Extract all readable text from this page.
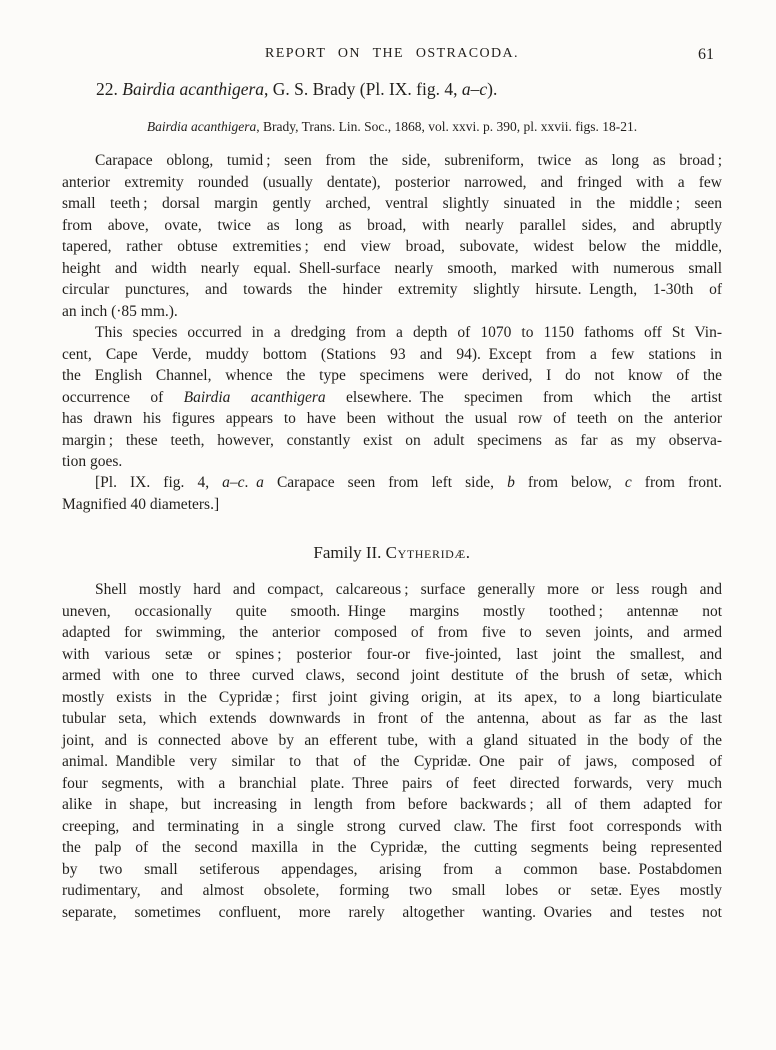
REPORT ON THE OSTRACODA.	61
22. Bairdia acanthigera, G. S. Brady (Pl. IX. fig. 4, a–c).
Bairdia acanthigera, Brady, Trans. Lin. Soc., 1868, vol. xxvi. p. 390, pl. xxvii. figs. 18-21.
Carapace oblong, tumid ; seen from the side, subreniform, twice as long as broad ;
anterior extremity rounded (usually dentate), posterior narrowed, and fringed with a few
small teeth ; dorsal margin gently arched, ventral slightly sinuated in the middle ; seen
from above, ovate, twice as long as broad, with nearly parallel sides, and abruptly
tapered, rather obtuse extremities ; end view broad, subovate, widest below the middle,
height and width nearly equal. Shell-surface nearly smooth, marked with numerous small
circular punctures, and towards the hinder extremity slightly hirsute. Length, 1-30th of
an inch (·85 mm.).
This species occurred in a dredging from a depth of 1070 to 1150 fathoms off St Vin-
cent, Cape Verde, muddy bottom (Stations 93 and 94). Except from a few stations in
the English Channel, whence the type specimens were derived, I do not know of the
occurrence of Bairdia acanthigera elsewhere. The specimen from which the artist
has drawn his figures appears to have been without the usual row of teeth on the anterior
margin ; these teeth, however, constantly exist on adult specimens as far as my observa-
tion goes.
[Pl. IX. fig. 4, a–c. a Carapace seen from left side, b from below, c from front.
Magnified 40 diameters.]
Family II. Cytheridæ.
Shell mostly hard and compact, calcareous ; surface generally more or less rough and
uneven, occasionally quite smooth. Hinge margins mostly toothed ; antennæ not
adapted for swimming, the anterior composed of from five to seven joints, and armed
with various setæ or spines ; posterior four-or five-jointed, last joint the smallest, and
armed with one to three curved claws, second joint destitute of the brush of setæ, which
mostly exists in the Cypridæ ; first joint giving origin, at its apex, to a long biarticulate
tubular seta, which extends downwards in front of the antenna, about as far as the last
joint, and is connected above by an efferent tube, with a gland situated in the body of the
animal. Mandible very similar to that of the Cypridæ. One pair of jaws, composed of
four segments, with a branchial plate. Three pairs of feet directed forwards, very much
alike in shape, but increasing in length from before backwards ; all of them adapted for
creeping, and terminating in a single strong curved claw. The first foot corresponds with
the palp of the second maxilla in the Cypridæ, the cutting segments being represented
by two small setiferous appendages, arising from a common base. Postabdomen
rudimentary, and almost obsolete, forming two small lobes or setæ. Eyes mostly
separate, sometimes confluent, more rarely altogether wanting. Ovaries and testes not
